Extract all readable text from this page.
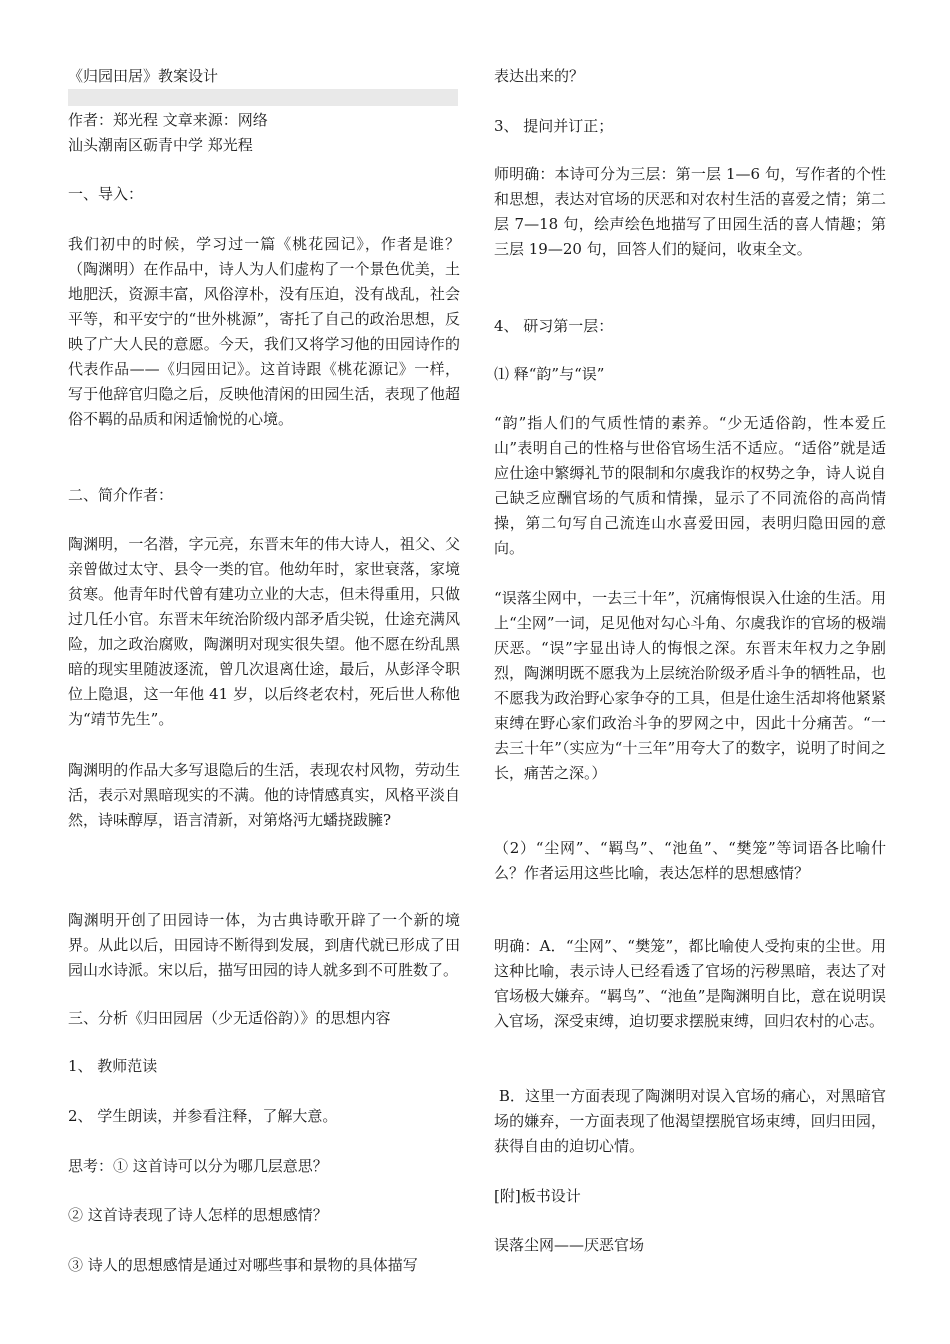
《归园田居》教案设计
作者：郑光程 文章来源：网络
汕头潮南区砺青中学 郑光程
一、导入：
我们初中的时候，学习过一篇《桃花园记》，作者是谁？（陶渊明）在作品中，诗人为人们虚构了一个景色优美，土地肥沃，资源丰富，风俗淳朴，没有压迫，没有战乱，社会平等，和平安宁的“世外桃源”，寄托了自己的政治思想，反映了广大人民的意愿。今天，我们又将学习他的田园诗作的代表作品——《归园田记》。这首诗跟《桃花源记》一样，写于他辞官归隐之后，反映他清闲的田园生活，表现了他超俗不羁的品质和闲适愉悦的心境。
二、简介作者：
陶渊明，一名潜，字元亮，东晋末年的伟大诗人，祖父、父亲曾做过太守、县令一类的官。他幼年时，家世衰落，家境贫寒。他青年时代曾有建功立业的大志，但未得重用，只做过几任小官。东晋末年统治阶级内部矛盾尖锐，仕途充满风险，加之政治腐败，陶渊明对现实很失望。他不愿在纷乱黑暗的现实里随波逐流，曾几次退离仕途，最后，从彭泽令职位上隐退，这一年他 41 岁，以后终老农村，死后世人称他为“靖节先生”。
陶渊明的作品大多写退隐后的生活，表现农村风物，劳动生活，表示对黑暗现实的不满。他的诗情感真实，风格平淡自然，诗味醇厚，语言清新，对第烙沔尢蟠挠跋臃?
陶渊明开创了田园诗一体，为古典诗歌开辟了一个新的境界。从此以后，田园诗不断得到发展，到唐代就已形成了田园山水诗派。宋以后，描写田园的诗人就多到不可胜数了。
三、分析《归田园居（少无适俗韵）》的思想内容
1、 教师范读
2、 学生朗读，并参看注释，了解大意。
思考：① 这首诗可以分为哪几层意思？
② 这首诗表现了诗人怎样的思想感情？
③ 诗人的思想感情是通过对哪些事和景物的具体描写
表达出来的？
3、 提问并订正；
师明确：本诗可分为三层：第一层 1—6 句，写作者的个性和思想，表达对官场的厌恶和对农村生活的喜爱之情；第二层 7—18 句，绘声绘色地描写了田园生活的喜人情趣；第三层 19—20 句，回答人们的疑问，收束全文。
4、 研习第一层：
⑴ 释“韵”与“误”
“韵”指人们的气质性情的素养。“少无适俗韵，性本爱丘山”表明自己的性格与世俗官场生活不适应。“适俗”就是适应仕途中繁缛礼节的限制和尔虞我诈的权势之争，诗人说自己缺乏应酬官场的气质和情操，显示了不同流俗的高尚情操，第二句写自己流连山水喜爱田园，表明归隐田园的意向。
“误落尘网中，一去三十年”，沉痛悔恨误入仕途的生活。用上“尘网”一词，足见他对勾心斗角、尔虞我诈的官场的极端厌恶。“误”字显出诗人的悔恨之深。东晋末年权力之争剧烈，陶渊明既不愿我为上层统治阶级矛盾斗争的牺牲品，也不愿我为政治野心家争夺的工具，但是仕途生活却将他紧紧束缚在野心家们政治斗争的罗网之中，因此十分痛苦。“一去三十年”（实应为“十三年”用夸大了的数字，说明了时间之长，痛苦之深。）
（2）“尘网”、“羁鸟”、“池鱼”、“樊笼”等词语各比喻什么？作者运用这些比喻，表达怎样的思想感情？
明确：A．“尘网”、“樊笼”，都比喻使人受拘束的尘世。用这种比喻，表示诗人已经看透了官场的污秽黑暗，表达了对官场极大嫌弃。“羁鸟”、“池鱼”是陶渊明自比，意在说明误入官场，深受束缚，迫切要求摆脱束缚，回归农村的心志。
B．这里一方面表现了陶渊明对误入官场的痛心，对黑暗官场的嫌弃，一方面表现了他渴望摆脱官场束缚，回归田园，获得自由的迫切心情。
[附]板书设计
误落尘网——厌恶官场
